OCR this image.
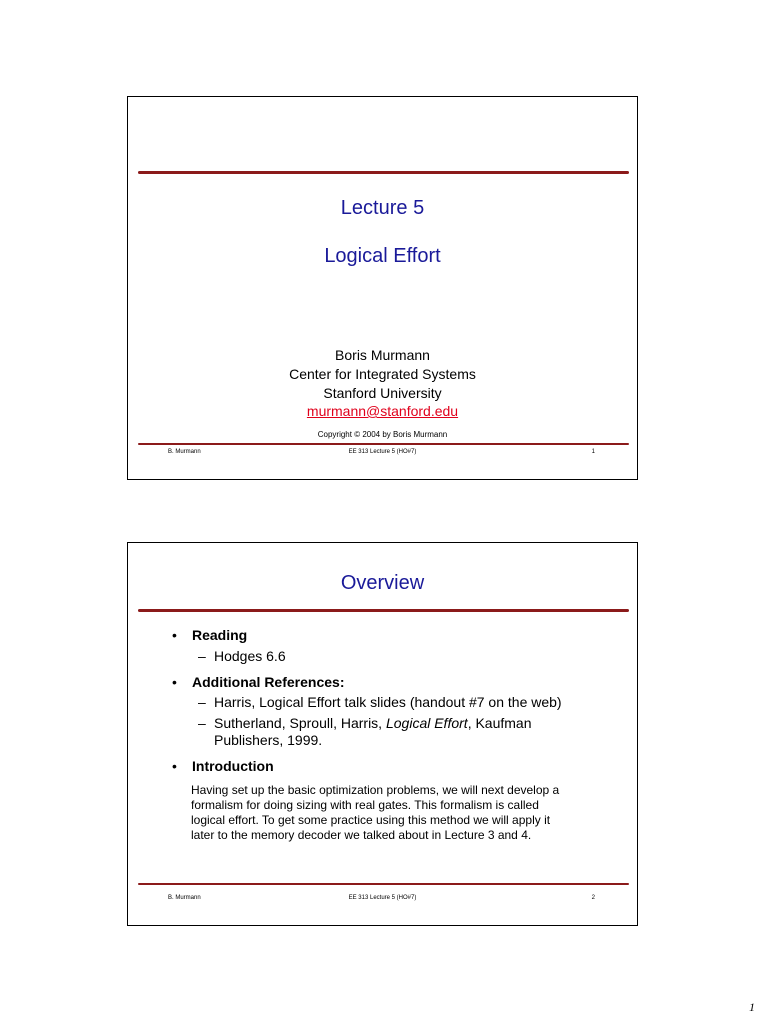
Lecture 5
Logical Effort
Boris Murmann
Center for Integrated Systems
Stanford University
murmann@stanford.edu
Copyright © 2004 by Boris Murmann
B. Murmann	EE 313 Lecture 5 (HO#7)	1
Overview
• Reading
– Hodges 6.6
• Additional References:
– Harris, Logical Effort talk slides (handout #7 on the web)
– Sutherland, Sproull, Harris, Logical Effort, Kaufman
Publishers, 1999.
• Introduction
Having set up the basic optimization problems, we will next develop a
formalism for doing sizing with real gates. This formalism is called
logical effort. To get some practice using this method we will apply it
later to the memory decoder we talked about in Lecture 3 and 4.
B. Murmann	EE 313 Lecture 5 (HO#7)	2
1
